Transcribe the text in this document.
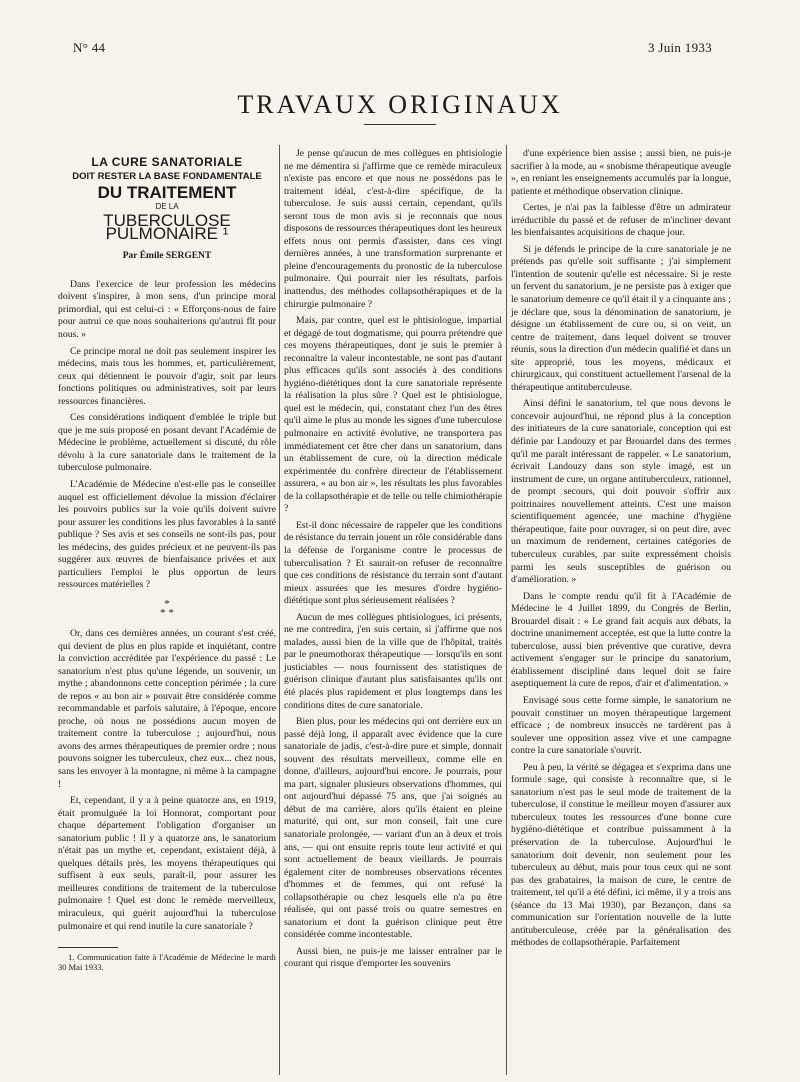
N° 44	3 Juin 1933
TRAVAUX ORIGINAUX
LA CURE SANATORIALE
DOIT RESTER LA BASE FONDAMENTALE
DU TRAITEMENT
DE LA
TUBERCULOSE PULMONAIRE ¹
Par Émile SERGENT

Dans l'exercice de leur profession les médecins doivent s'inspirer, à mon sens, d'un principe moral primordial, qui est celui-ci : « Efforçons-nous de faire pour autrui ce que nous souhaiterions qu'autrui fît pour nous. »

Ce principe moral ne doit pas seulement inspirer les médecins, mais tous les hommes, et, particulièrement, ceux qui détiennent le pouvoir d'agir, soit par leurs fonctions politiques ou administratives, soit par leurs ressources financières.

Ces considérations indiquent d'emblée le triple but que je me suis proposé en posant devant l'Académie de Médecine le problème, actuellement si discuté, du rôle dévolu à la cure sanatoriale dans le traitement de la tuberculose pulmonaire.

L'Académie de Médecine n'est-elle pas le conseiller auquel est officiellement dévolue la mission d'éclairer les pouvoirs publics sur la voie qu'ils doivent suivre pour assurer les conditions les plus favorables à la santé publique ? Ses avis et ses conseils ne sont-ils pas, pour les médecins, des guides précieux et ne peuvent-ils pas suggérer aux œuvres de bienfaisance privées et aux particuliers l'emploi le plus opportun de leurs ressources matérielles ?

*
* *

Or, dans ces dernières années, un courant s'est créé, qui devient de plus en plus rapide et inquiétant, contre la conviction accréditée par l'expérience du passé : Le sanatorium n'est plus qu'une légende, un souvenir, un mythe ; abandonnons cette conception périmée ; la cure de repos « au bon air » pouvait être considérée comme recommandable et parfois salutaire, à l'époque, encore proche, où nous ne possédions aucun moyen de traitement contre la tuberculose ; aujourd'hui, nous avons des armes thérapeutiques de premier ordre ; nous pouvons soigner les tuberculeux, chez eux... chez nous, sans les envoyer à la montagne, ni même à la campagne !

Et, cependant, il y a à peine quatorze ans, en 1919, était promulguée la loi Honnorat, comportant pour chaque département l'obligation d'organiser un sanatorium public ! Il y a quatorze ans, le sanatorium n'était pas un mythe et, cependant, existaient déjà, à quelques détails près, les moyens thérapeutiques qui suffisent à eux seuls, paraît-il, pour assurer les meilleures conditions de traitement de la tuberculose pulmonaire ! Quel est donc le remède merveilleux, miraculeux, qui guérit aujourd'hui la tuberculose pulmonaire et qui rend inutile la cure sanatoriale ?

1. Communication faite à l'Académie de Médecine le mardi 30 Mai 1933.

Je pense qu'aucun de mes collègues en phtisiologie ne me démentira si j'affirme que ce remède miraculeux n'existe pas encore et que nous ne possédons pas le traitement idéal, c'est-à-dire spécifique, de la tuberculose. Je suis aussi certain, cependant, qu'ils seront tous de mon avis si je reconnais que nous disposons de ressources thérapeutiques dont les heureux effets nous ont permis d'assister, dans ces vingt dernières années, à une transformation surprenante et pleine d'encouragements du pronostic de la tuberculose pulmonaire. Qui pourrait nier les résultats, parfois inattendus, des méthodes collapsothérapiques et de la chirurgie pulmonaire ?

Mais, par contre, quel est le phtisiologue, impartial et dégagé de tout dogmatisme, qui pourra prétendre que ces moyens thérapeutiques, dont je suis le premier à reconnaître la valeur incontestable, ne sont pas d'autant plus efficaces qu'ils sont associés à des conditions hygiéno-diététiques dont la cure sanatoriale représente la réalisation la plus sûre ? Quel est le phtisiologue, quel est le médecin, qui, constatant chez l'un des êtres qu'il aime le plus au monde les signes d'une tuberculose pulmonaire en activité évolutive, ne transportera pas immédiatement cet être cher dans un sanatorium, dans un établissement de cure, où la direction médicale expérimentée du confrère directeur de l'établissement assurera, « au bon air », les résultats les plus favorables de la collapsothérapie et de telle ou telle chimiothérapie ?

Est-il donc nécessaire de rappeler que les conditions de résistance du terrain jouent un rôle considérable dans la défense de l'organisme contre le processus de tuberculisation ? Et saurait-on refuser de reconnaître que ces conditions de résistance du terrain sont d'autant mieux assurées que les mesures d'ordre hygiéno-diététique sont plus sérieusement réalisées ?

Aucun de mes collègues phtisiologues, ici présents, ne me contredira, j'en suis certain, si j'affirme que nos malades, aussi bien de la ville que de l'hôpital, traités par le pneumothorax thérapeutique — lorsqu'ils en sont justiciables — nous fournissent des statistiques de guérison clinique d'autant plus satisfaisantes qu'ils ont été placés plus rapidement et plus longtemps dans les conditions dites de cure sanatoriale.

Bien plus, pour les médecins qui ont derrière eux un passé déjà long, il apparaît avec évidence que la cure sanatoriale de jadis, c'est-à-dire pure et simple, donnait souvent des résultats merveilleux, comme elle en donne, d'ailleurs, aujourd'hui encore. Je pourrais, pour ma part, signaler plusieurs observations d'hommes, qui ont aujourd'hui dépassé 75 ans, que j'ai soignés au début de ma carrière, alors qu'ils étaient en pleine maturité, qui ont, sur mon conseil, fait une cure sanatoriale prolongée, — variant d'un an à deux et trois ans, — qui ont ensuite repris toute leur activité et qui sont actuellement de beaux vieillards. Je pourrais également citer de nombreuses observations récentes d'hommes et de femmes, qui ont refusé la collapsothérapie ou chez lesquels elle n'a pu être réalisée, qui ont passé trois ou quatre semestres en sanatorium et dont la guérison clinique peut être considérée comme incontestable.

Aussi bien, ne puis-je me laisser entraîner par le courant qui risque d'emporter les souvenirs

d'une expérience bien assise ; aussi bien, ne puis-je sacrifier à la mode, au « snobisme thérapeutique aveugle », en reniant les enseignements accumulés par la longue, patiente et méthodique observation clinique.

Certes, je n'ai pas la faiblesse d'être un admirateur irréductible du passé et de refuser de m'incliner devant les bienfaisantes acquisitions de chaque jour.

Si je défends le principe de la cure sanatoriale je ne prétends pas qu'elle soit suffisante ; j'ai simplement l'intention de soutenir qu'elle est nécessaire. Si je reste un fervent du sanatorium, je ne persiste pas à exiger que le sanatorium demeure ce qu'il était il y a cinquante ans ; je déclare que, sous la dénomination de sanatorium, je désigne un établissement de cure ou, si on veut, un centre de traitement, dans lequel doivent se trouver réunis, sous la direction d'un médecin qualifié et dans un site approprié, tous les moyens, médicaux et chirurgicaux, qui constituent actuellement l'arsenal de la thérapeutique antituberculeuse.

Ainsi défini le sanatorium, tel que nous devons le concevoir aujourd'hui, ne répond plus à la conception des initiateurs de la cure sanatoriale, conception qui est définie par Landouzy et par Brouardel dans des termes qu'il me paraît intéressant de rappeler. « Le sanatorium, écrivait Landouzy dans son style imagé, est un instrument de cure, un organe antituberculeux, rationnel, de prompt secours, qui doit pouvoir s'offrir aux poitrinaires nouvellement atteints. C'est une maison scientifiquement agencée, une machine d'hygiène thérapeutique, faite pour ouvrager, si on peut dire, avec un maximum de rendement, certaines catégories de tuberculeux curables, par suite expressément choisis parmi les seuls susceptibles de guérison ou d'amélioration. »

Dans le compte rendu qu'il fit à l'Académie de Médecine le 4 Juillet 1899, du Congrès de Berlin, Brouardel disait : « Le grand fait acquis aux débats, la doctrine unanimement acceptée, est que la lutte contre la tuberculose, aussi bien préventive que curative, devra activement s'engager sur le principe du sanatorium, établissement discipliné dans lequel doit se faire aseptiquement la cure de repos, d'air et d'alimentation. »

Envisagé sous cette forme simple, le sanatorium ne pouvait constituer un moyen thérapeutique largement efficace ; de nombreux insuccès ne tardèrent pas à soulever une opposition assez vive et une campagne contre la cure sanatoriale s'ouvrit.

Peu à peu, la vérité se dégagea et s'exprima dans une formule sage, qui consiste à reconnaître que, si le sanatorium n'est pas le seul mode de traitement de la tuberculose, il constitue le meilleur moyen d'assurer aux tuberculeux toutes les ressources d'une bonne cure hygiéno-diététique et contribue puissamment à la préservation de la tuberculose. Aujourd'hui le sanatorium doit devenir, non seulement pour les tuberculeux au début, mais pour tous ceux qui ne sont pas des grabataires, la maison de cure, le centre de traitement, tel qu'il a été défini, ici même, il y a trois ans (séance du 13 Mai 1930), par Bezançon, dans sa communication sur l'orientation nouvelle de la lutte antituberculeuse, créée par la généralisation des méthodes de collapsothérapie. Parfaitement
